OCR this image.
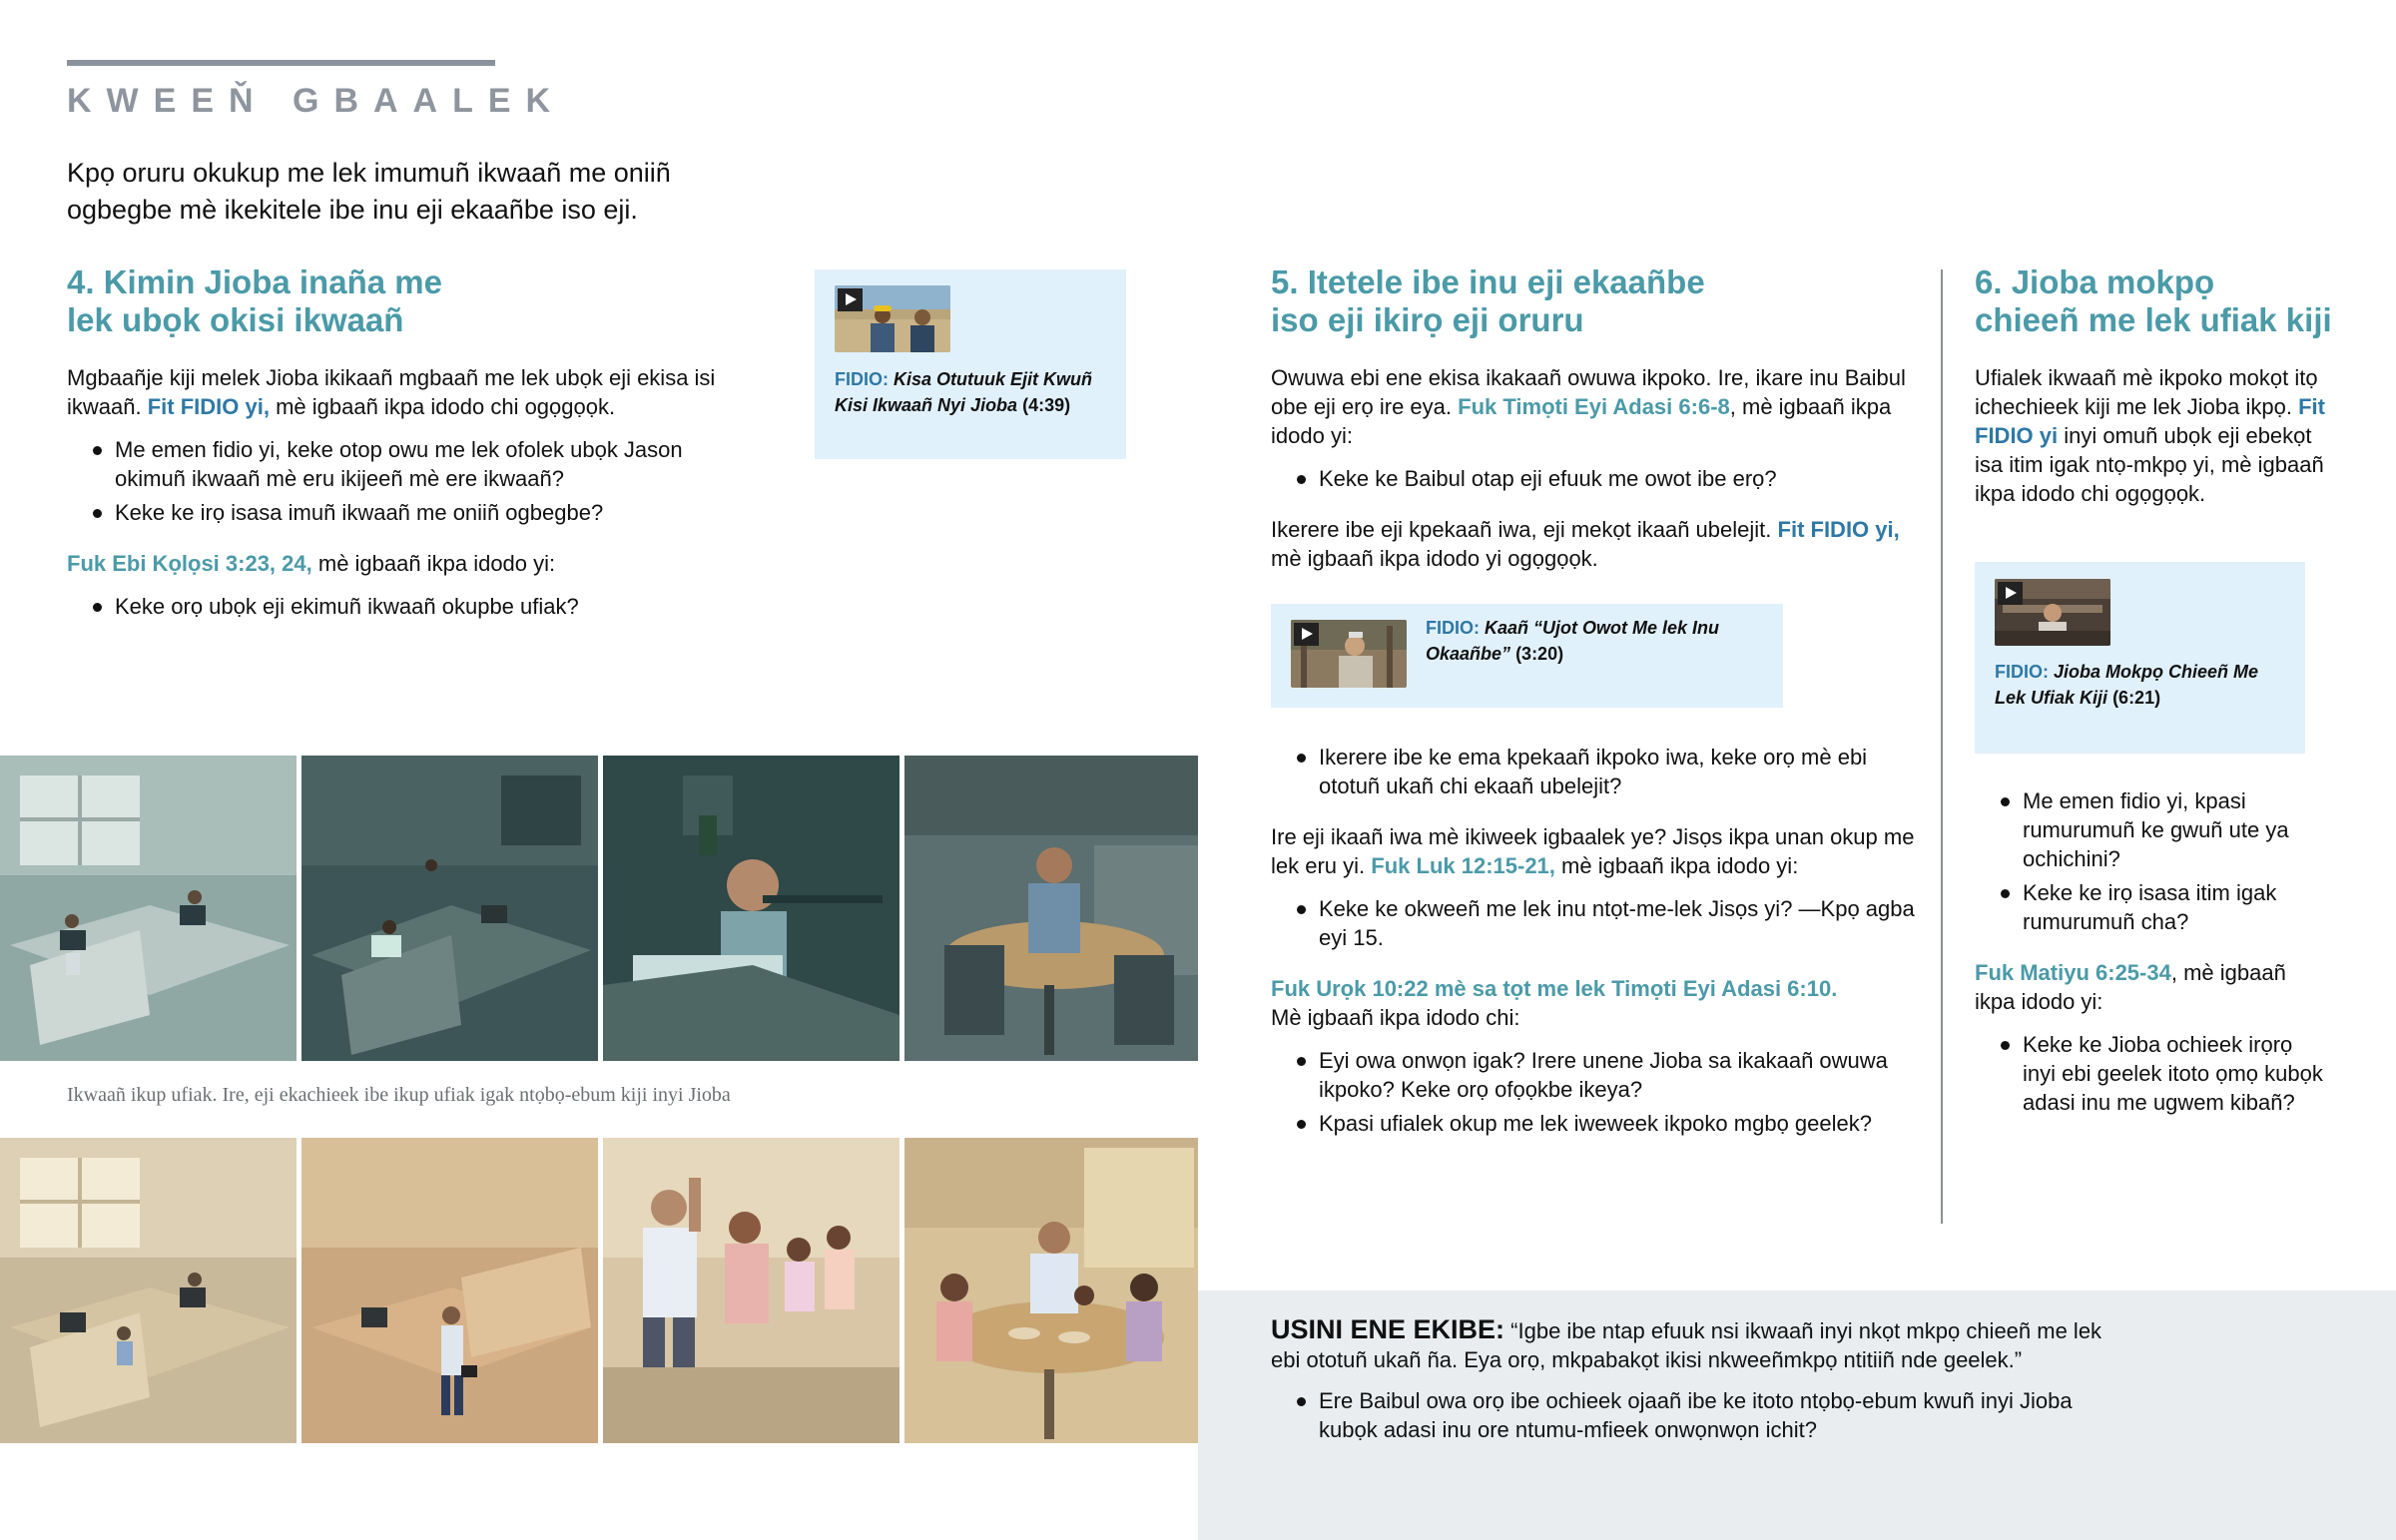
KWEEŇ GBAALEK
Kpọ oruru okukup me lek imumuñ ikwaañ me oniiñ ogbegbe mè ikekitele ibe inu eji ekaañbe iso eji.
4. Kimin Jioba inaña me
lek ubọk okisi ikwaañ

Mgbaañje kiji melek Jioba ikikaañ mgbaañ me lek ubọk eji ekisa isi ikwaañ. Fit FIDIO yi, mè igbaañ ikpa idodo chi ogọgọọk.

Me emen fidio yi, keke otop owu me lek ofolek ubọk Jason okimuñ ikwaañ mè eru ikijeeñ mè ere ikwaañ?
Keke ke irọ isasa imuñ ikwaañ me oniiñ ogbegbe?

Fuk Ebi Kọlọsi 3:23, 24, mè igbaañ ikpa idodo yi:

Keke orọ ubọk eji ekimuñ ikwaañ okupbe ufiak?
FIDIO: Kisa Otutuuk Ejit Kwuñ Kisi Ikwaañ Nyi Jioba (4:39)
5. Itetele ibe inu eji ekaañbe
iso eji ikirọ eji oruru

Owuwa ebi ene ekisa ikakaañ owuwa ikpoko. Ire, ikare inu Baibul obe eji erọ ire eya. Fuk Timọti Eyi Adasi 6:6-8, mè igbaañ ikpa idodo yi:

Keke ke Baibul otap eji efuuk me owot ibe erọ?

Ikerere ibe eji kpekaañ iwa, eji mekọt ikaañ ubelejit. Fit FIDIO yi, mè igbaañ ikpa idodo yi ogọgọọk.

FIDIO: Kaañ “Ujot Owot Me lek Inu Okaañbe” (3:20)
Ikerere ibe ke ema kpekaañ ikpoko iwa, keke orọ mè ebi ototuñ ukañ chi ekaañ ubelejit?

Ire eji ikaañ iwa mè ikiweek igbaalek ye? Jisọs ikpa unan okup me lek eru yi. Fuk Luk 12:15-21, mè igbaañ ikpa idodo yi:

Keke ke okweeñ me lek inu ntọt-me-lek Jisọs yi? —Kpọ agba eyi 15.

Fuk Urọk 10:22 mè sa tọt me lek Timọti Eyi Adasi 6:10.
Mè igbaañ ikpa idodo chi:

Eyi owa onwọn igak? Irere unene Jioba sa ikakaañ owuwa ikpoko? Keke orọ ofọọkbe ikeya?
Kpasi ufialek okup me lek iweweek ikpoko mgbọ geelek?
6. Jioba mokpọ
chieeñ me lek ufiak kiji

Ufialek ikwaañ mè ikpoko mokọt itọ ichechieek kiji me lek Jioba ikpọ. Fit FIDIO yi inyi omuñ ubọk eji ebekọt isa itim igak ntọ-mkpọ yi, mè igbaañ ikpa idodo chi ogọgọọk.

FIDIO: Jioba Mokpọ Chieeñ Me Lek Ufiak Kiji (6:21)
Me emen fidio yi, kpasi rumurumuñ ke gwuñ ute ya ochichini?
Keke ke irọ isasa itim igak rumurumuñ cha?

Fuk Matiyu 6:25-34, mè igbaañ ikpa idodo yi:

Keke ke Jioba ochieek irọrọ inyi ebi geelek itoto ọmọ kubọk adasi inu me ugwem kibañ?
Ikwaañ ikup ufiak. Ire, eji ekachieek ibe ikup ufiak igak ntọbọ-ebum kiji inyi Jioba

USINI ENE EKIBE: “Igbe ibe ntap efuuk nsi ikwaañ inyi nkọt mkpọ chieeñ me lek ebi ototuñ ukañ ña. Eya orọ, mkpabakọt ikisi nkweeñmkpọ ntitiiñ nde geelek.”

Ere Baibul owa orọ ibe ochieek ojaañ ibe ke itoto ntọbọ-ebum kwuñ inyi Jioba kubọk adasi inu ore ntumu-mfieek onwọnwọn ichit?
